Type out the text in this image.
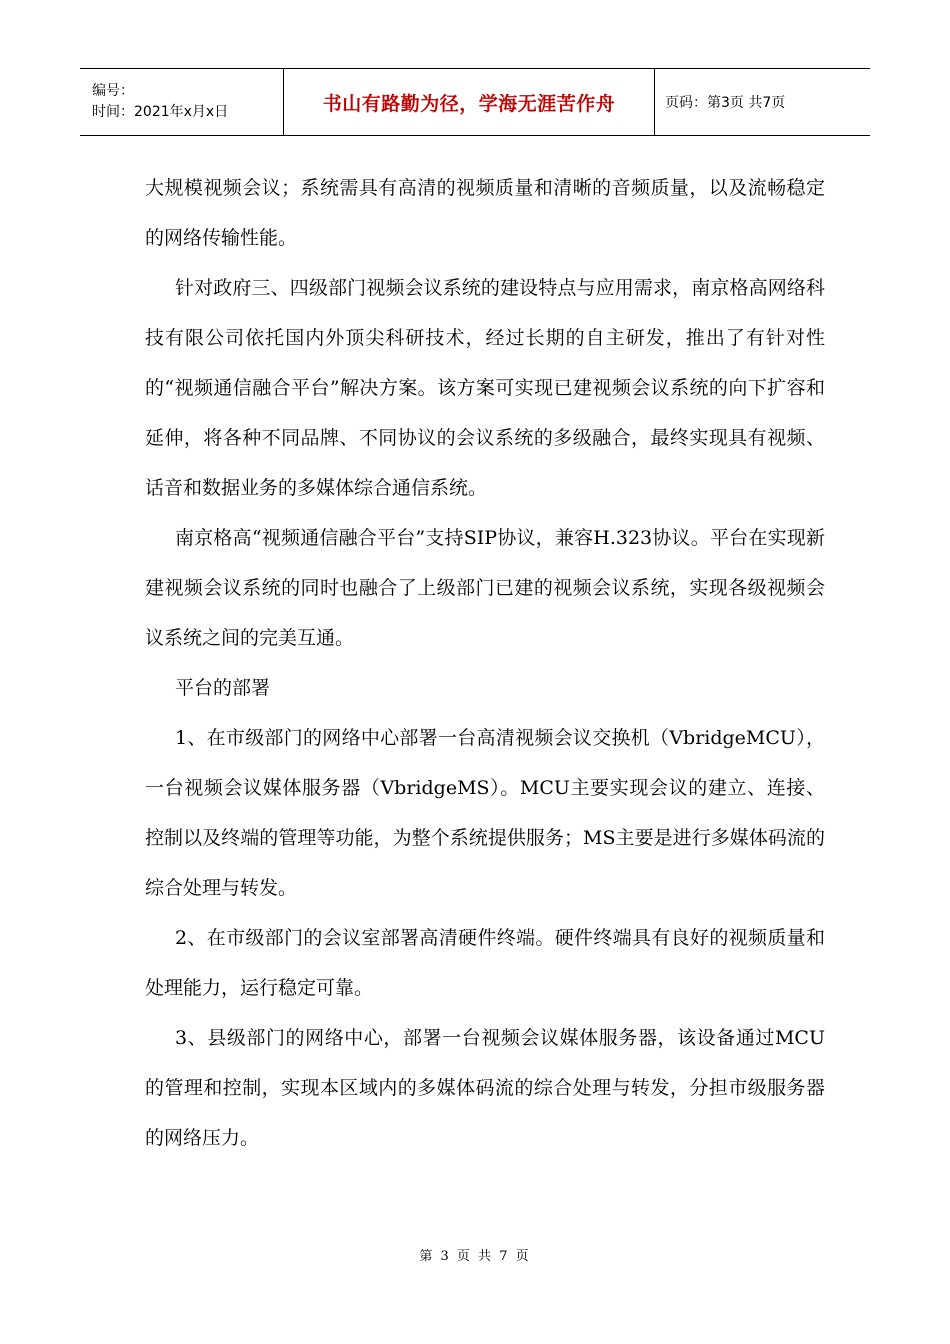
编号：
时间：2021年x月x日	书山有路勤为径，学海无涯苦作舟	页码：第3页 共7页

大规模视频会议；系统需具有高清的视频质量和清晰的音频质量，以及流畅稳定的网络传输性能。

针对政府三、四级部门视频会议系统的建设特点与应用需求，南京格高网络科技有限公司依托国内外顶尖科研技术，经过长期的自主研发，推出了有针对性的“视频通信融合平台”解决方案。该方案可实现已建视频会议系统的向下扩容和延伸，将各种不同品牌、不同协议的会议系统的多级融合，最终实现具有视频、话音和数据业务的多媒体综合通信系统。

南京格高“视频通信融合平台”支持SIP协议，兼容H.323协议。平台在实现新建视频会议系统的同时也融合了上级部门已建的视频会议系统，实现各级视频会议系统之间的完美互通。

平台的部署

1、在市级部门的网络中心部署一台高清视频会议交换机（VbridgeMCU），一台视频会议媒体服务器（VbridgeMS）。MCU主要实现会议的建立、连接、控制以及终端的管理等功能，为整个系统提供服务；MS主要是进行多媒体码流的综合处理与转发。

2、在市级部门的会议室部署高清硬件终端。硬件终端具有良好的视频质量和处理能力，运行稳定可靠。

3、县级部门的网络中心，部署一台视频会议媒体服务器，该设备通过MCU的管理和控制，实现本区域内的多媒体码流的综合处理与转发，分担市级服务器的网络压力。

第 3 页 共 7 页
